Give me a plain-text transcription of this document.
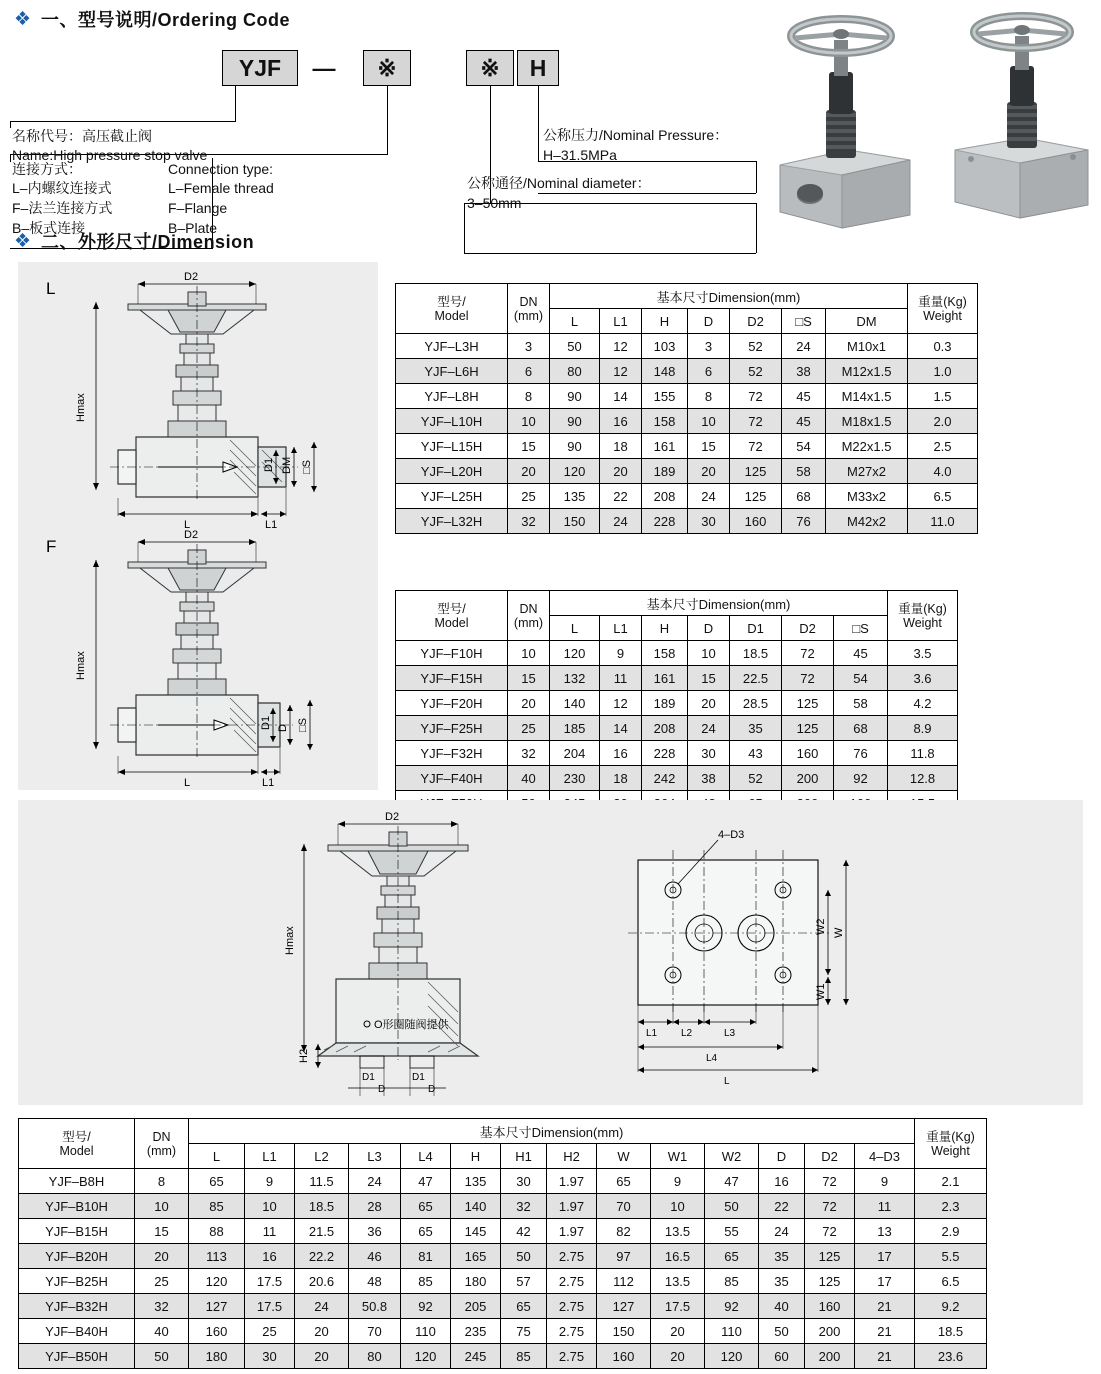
❖ 一、型号说明/Ordering Code
YJF	—	※	※	H
名称代号：高压截止阀
Name:High pressure stop valve
连接方式：
L–内螺纹连接式
F–法兰连接方式
B–板式连接
Connection type:
L–Female thread
F–Flange
B–Plate
公称压力/Nominal Pressure：
H–31.5MPa
公称通径/Nominal diameter：
3–50mm
❖ 二、外形尺寸/Dimension
L
D2
Hmax
L	L1
D1 DM □S
F
D2
Hmax
L	L1
D1 D □S
型号/
Model

DN
(mm)
	基本尺寸Dimension(mm)	重量(Kg)
Weight

		L	L1	H	D	D2	□S	DM	
YJF–L3H	3	50	12	103	3	52	24	M10x1	0.3
YJF–L6H	6	80	12	148	6	52	38	M12x1.5	1.0
YJF–L8H	8	90	14	155	8	72	45	M14x1.5	1.5
YJF–L10H	10	90	16	158	10	72	45	M18x1.5	2.0
YJF–L15H	15	90	18	161	15	72	54	M22x1.5	2.5
YJF–L20H	20	120	20	189	20	125	58	M27x2	4.0
YJF–L25H	25	135	22	208	24	125	68	M33x2	6.5
YJF–L32H	32	150	24	228	30	160	76	M42x2	11.0
型号/
Model

DN
(mm)
	基本尺寸Dimension(mm)	重量(Kg)
Weight

		L	L1	H	D	D1	D2	□S	
YJF–F10H	10	120	9	158	10	18.5	72	45	3.5
YJF–F15H	15	132	11	161	15	22.5	72	54	3.6
YJF–F20H	20	140	12	189	20	28.5	125	58	4.2
YJF–F25H	25	185	14	208	24	35	125	68	8.9
YJF–F32H	32	204	16	228	30	43	160	76	11.8
YJF–F40H	40	230	18	242	38	52	200	92	12.8

D2
Hmax
H2
O形圈随阀提供
D1
D
D1
D
4–D3
W
W2
W1
L1 L2	L3
L4
L
型号/
Model

DN
(mm)
	基本尺寸Dimension(mm)	重量(Kg)
Weight

		L	L1	L2	L3	L4	H	H1	H2	W	W1	W2	D	D2	4–D3	
YJF–B8H	8	65	9	11.5	24	47	135	30	1.97	65	9	47	16	72	9	2.1
YJF–B10H	10	85	10	18.5	28	65	140	32	1.97	70	10	50	22	72	11	2.3
YJF–B15H	15	88	11	21.5	36	65	145	42	1.97	82	13.5	55	24	72	13	2.9
YJF–B20H	20	113	16	22.2	46	81	165	50	2.75	97	16.5	65	35	125	17	5.5
YJF–B25H	25	120	17.5	20.6	48	85	180	57	2.75	112	13.5	85	35	125	17	6.5
YJF–B32H	32	127	17.5	24	50.8	92	205	65	2.75	127	17.5	92	40	160	21	9.2
YJF–B40H	40	160	25	20	70	110	235	75	2.75	150	20	110	50	200	21	18.5
YJF–B50H	50	180	30	20	80	120	245	85	2.75	160	20	120	60	200	21	23.6
